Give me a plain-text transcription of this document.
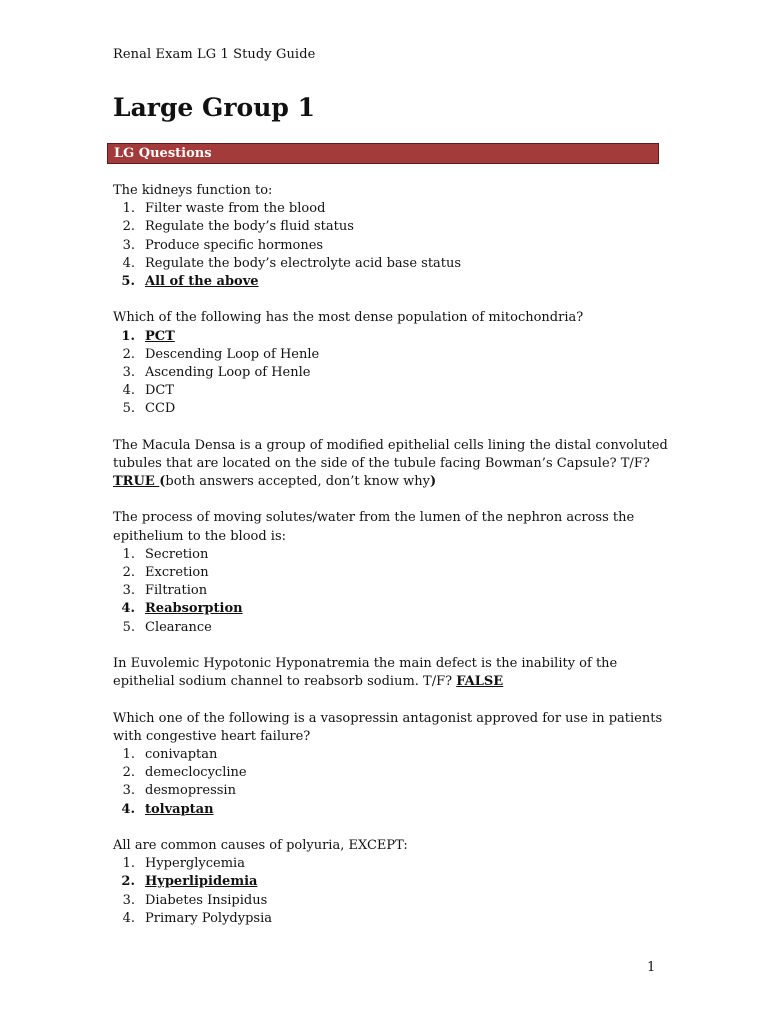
Renal Exam LG 1 Study Guide
Large Group 1
LG Questions

The kidneys function to:

1. Filter waste from the blood
2. Regulate the body’s fluid status
3. Produce specific hormones
4. Regulate the body’s electrolyte acid base status
5. All of the above

Which of the following has the most dense population of mitochondria?

1. PCT
2. Descending Loop of Henle
3. Ascending Loop of Henle
4. DCT
5. CCD

The Macula Densa is a group of modified epithelial cells lining the distal convoluted

tubules that are located on the side of the tubule facing Bowman’s Capsule? T/F?

TRUE (both answers accepted, don’t know why)

The process of moving solutes/water from the lumen of the nephron across the

epithelium to the blood is:

1. Secretion
2. Excretion
3. Filtration
4. Reabsorption
5. Clearance

In Euvolemic Hypotonic Hyponatremia the main defect is the inability of the

epithelial sodium channel to reabsorb sodium. T/F? FALSE

Which one of the following is a vasopressin antagonist approved for use in patients

with congestive heart failure?

1. conivaptan
2. demeclocycline
3. desmopressin
4. tolvaptan

All are common causes of polyuria, EXCEPT:

1. Hyperglycemia
2. Hyperlipidemia
3. Diabetes Insipidus
4. Primary Polydypsia
1
